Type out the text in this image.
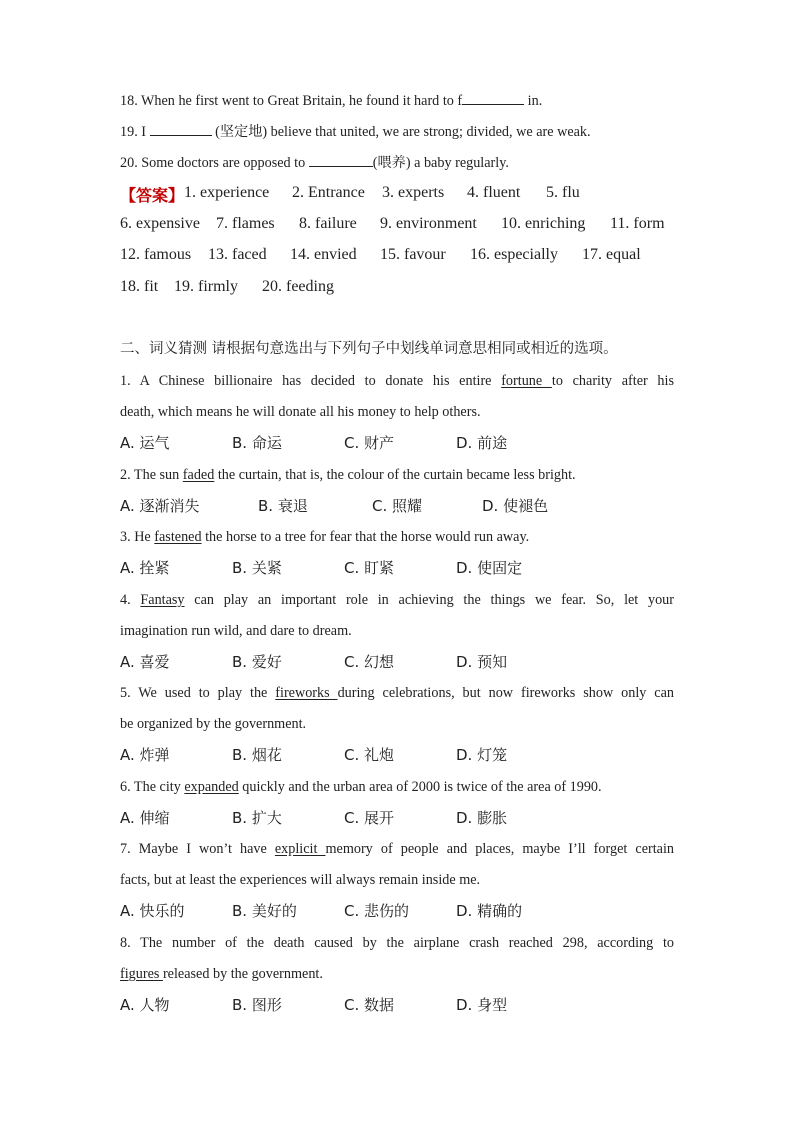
18. When he first went to Great Britain, he found it hard to f	in.
19. I	(坚定地) believe that united, we are strong; divided, we are weak.
20. Some doctors are opposed to	(喂养) a baby regularly.
【答案】 1. experience 2. Entrance 3. experts 4. fluent 5. flu
6. expensive 7. flames 8. failure 9. environment 10. enriching 11. form
12. famous 13. faced 14. envied 15. favour 16. especially 17. equal
18. fit 19. firmly 20. feeding
二、词义猜测 请根据句意选出与下列句子中划线单词意思相同或相近的选项。
1. A Chinese billionaire has decided to donate his entire fortune to charity after his
death, which means he will donate all his money to help others.
A. 运气	B. 命运	C. 财产	D. 前途
2. The sun faded the curtain, that is, the colour of the curtain became less bright.
A. 逐渐消失	B. 衰退	C. 照耀	D. 使褪色
3. He fastened the horse to a tree for fear that the horse would run away.
A. 拴紧	B. 关紧	C. 盯紧	D. 使固定
4. Fantasy can play an important role in achieving the things we fear. So, let your
imagination run wild, and dare to dream.
A. 喜爱	B. 爱好	C. 幻想	D. 预知
5. We used to play the fireworks during celebrations, but now fireworks show only can
be organized by the government.
A. 炸弹	B. 烟花	C. 礼炮	D. 灯笼
6. The city expanded quickly and the urban area of 2000 is twice of the area of 1990.
A. 伸缩	B. 扩大	C. 展开	D. 膨胀
7. Maybe I won’t have explicit memory of people and places, maybe I’ll forget certain
facts, but at least the experiences will always remain inside me.
A. 快乐的	B. 美好的	C. 悲伤的	D. 精确的
8. The number of the death caused by the airplane crash reached 298, according to
figures released by the government.
A. 人物	B. 图形	C. 数据	D. 身型
